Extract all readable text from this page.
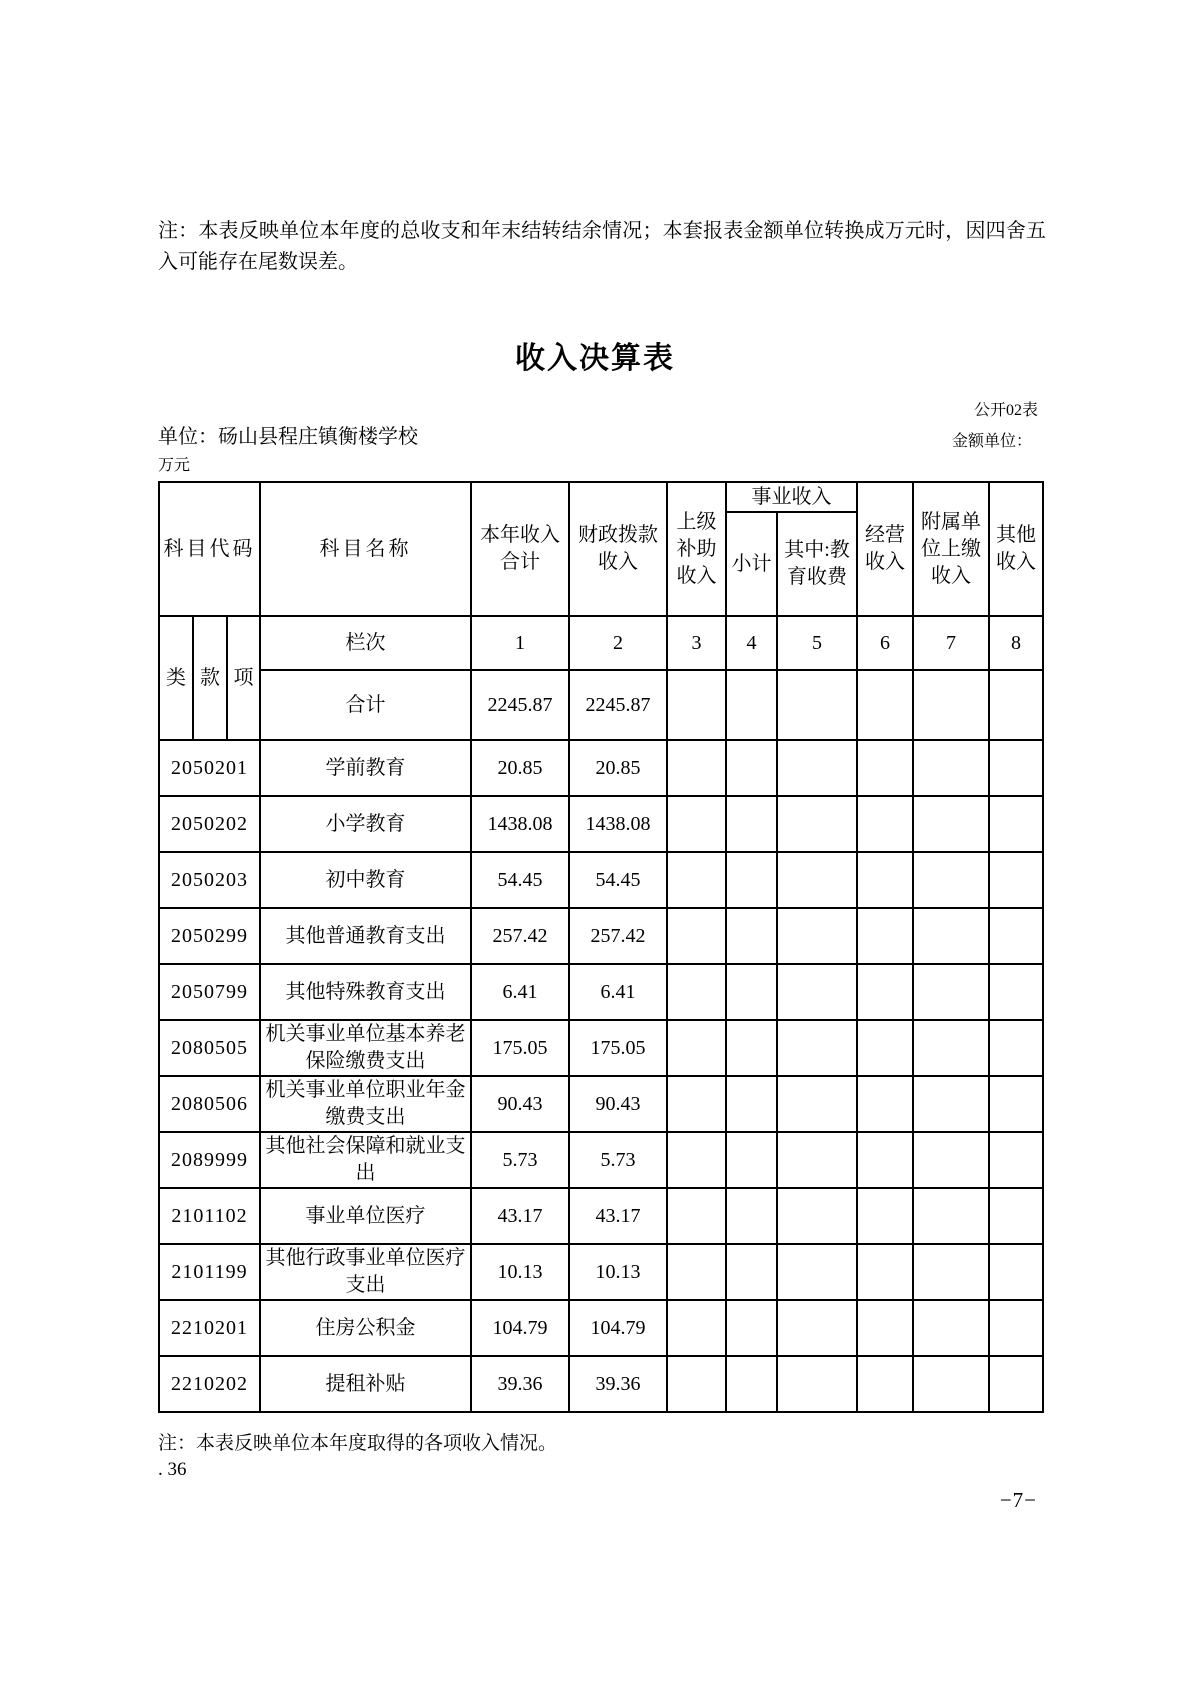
注：本表反映单位本年度的总收支和年末结转结余情况；本套报表金额单位转换成万元时，因四舍五入可能存在尾数误差。

收入决算表
公开02表
单位：砀山县程庄镇衡楼学校	金额单位：
万元
科目代码			科目名称	本年收入合计	财政拨款收入	上级补助收入	事业收入		经营收入	附属单位上缴收入	其他收入
							小计	其中:教育收费			
类	款	项	栏次	1	2	3	4	5	6	7	8
			合计	2245.87	2245.87						
2050201			学前教育	20.85	20.85						
2050202			小学教育	1438.08	1438.08						
2050203			初中教育	54.45	54.45						
2050299			其他普通教育支出	257.42	257.42						
2050799			其他特殊教育支出	6.41	6.41						
2080505			机关事业单位基本养老保险缴费支出	175.05	175.05						
2080506			机关事业单位职业年金缴费支出	90.43	90.43						
2089999			其他社会保障和就业支出	5.73	5.73						
2101102			事业单位医疗	43.17	43.17						
2101199			其他行政事业单位医疗支出	10.13	10.13						
2210201			住房公积金	104.79	104.79						
2210202			提租补贴	39.36	39.36						

注：本表反映单位本年度取得的各项收入情况。

. 36
−7−
